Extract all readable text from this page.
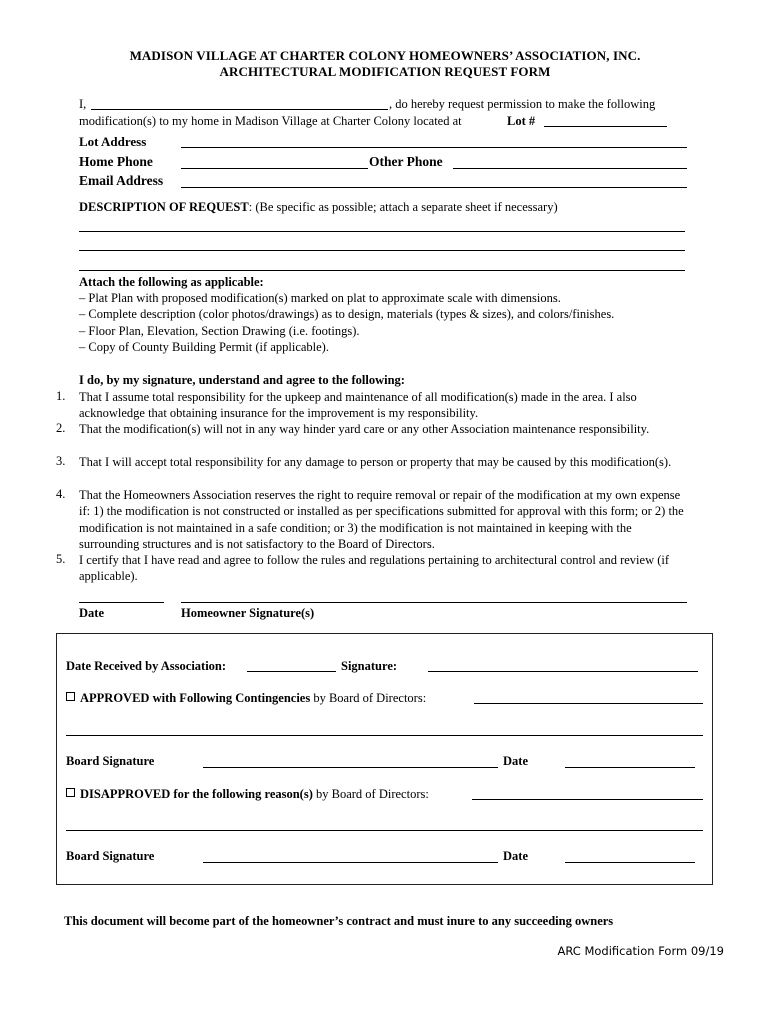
MADISON VILLAGE AT CHARTER COLONY HOMEOWNERS’ ASSOCIATION, INC.
ARCHITECTURAL MODIFICATION REQUEST FORM
I,	, do hereby request permission to make the following
modification(s) to my home in Madison Village at Charter Colony located at	Lot #
Lot Address
Home Phone	Other Phone
Email Address
DESCRIPTION OF REQUEST: (Be specific as possible; attach a separate sheet if necessary)
Attach the following as applicable:
– Plat Plan with proposed modification(s) marked on plat to approximate scale with dimensions.
– Complete description (color photos/drawings) as to design, materials (types & sizes), and colors/finishes.
– Floor Plan, Elevation, Section Drawing (i.e. footings).
– Copy of County Building Permit (if applicable).
I do, by my signature, understand and agree to the following:
1. That I assume total responsibility for the upkeep and maintenance of all modification(s) made in the area. I also acknowledge that obtaining insurance for the improvement is my responsibility.
2. That the modification(s) will not in any way hinder yard care or any other Association maintenance responsibility.
3. That I will accept total responsibility for any damage to person or property that may be caused by this modification(s).
4. That the Homeowners Association reserves the right to require removal or repair of the modification at my own expense if: 1) the modification is not constructed or installed as per specifications submitted for approval with this form; or 2) the modification is not maintained in a safe condition; or 3) the modification is not maintained in keeping with the surrounding structures and is not satisfactory to the Board of Directors.
5. I certify that I have read and agree to follow the rules and regulations pertaining to architectural control and review (if applicable).
Date	Homeowner Signature(s)
Date Received by Association:	Signature:
APPROVED with Following Contingencies by Board of Directors:
Board Signature	Date
DISAPPROVED for the following reason(s) by Board of Directors:
Board Signature	Date
This document will become part of the homeowner’s contract and must inure to any succeeding owners
ARC Modification Form 09/19
